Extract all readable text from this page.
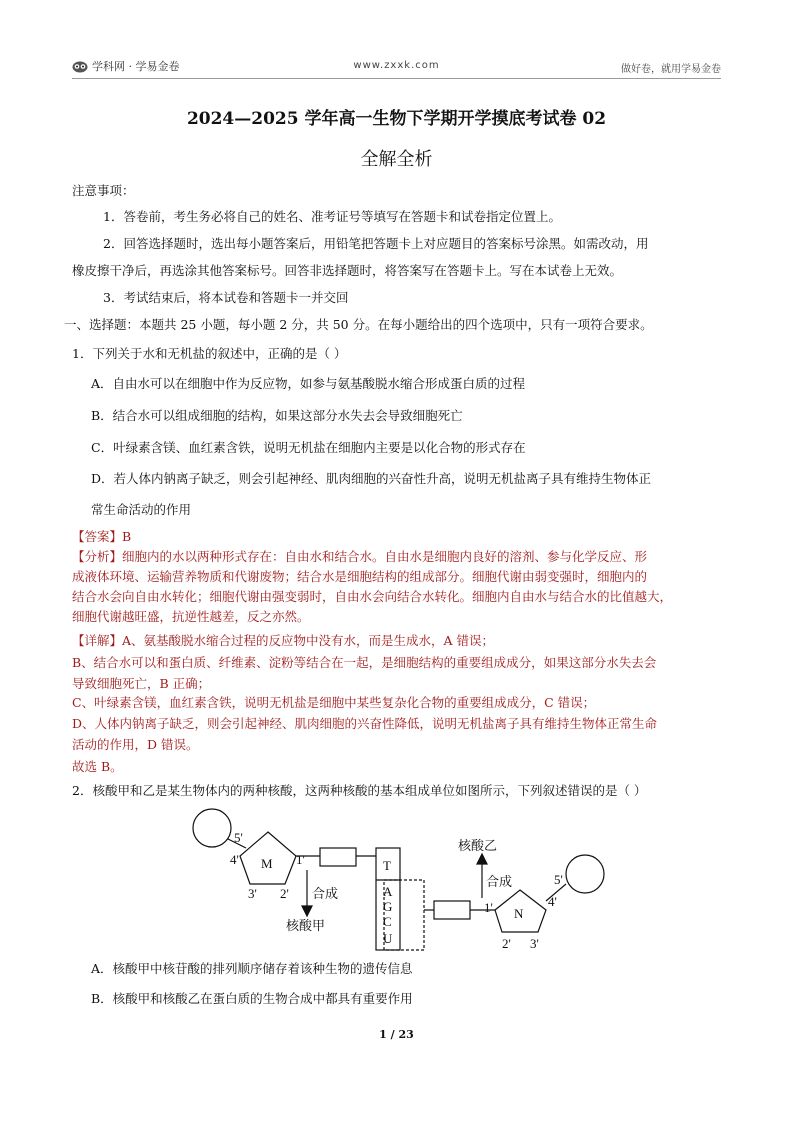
学科网 · 学易金卷	www.zxxk.com	做好卷，就用学易金卷
2024—2025 学年高一生物下学期开学摸底考试卷 02
全解全析
注意事项：
1．答卷前，考生务必将自己的姓名、准考证号等填写在答题卡和试卷指定位置上。
2．回答选择题时，选出每小题答案后，用铅笔把答题卡上对应题目的答案标号涂黑。如需改动，用
橡皮擦干净后，再选涂其他答案标号。回答非选择题时，将答案写在答题卡上。写在本试卷上无效。
3．考试结束后，将本试卷和答题卡一并交回
一、选择题：本题共 25 小题，每小题 2 分，共 50 分。在每小题给出的四个选项中，只有一项符合要求。
1．下列关于水和无机盐的叙述中，正确的是（ ）
A．自由水可以在细胞中作为反应物，如参与氨基酸脱水缩合形成蛋白质的过程
B．结合水可以组成细胞的结构，如果这部分水失去会导致细胞死亡
C．叶绿素含镁、血红素含铁，说明无机盐在细胞内主要是以化合物的形式存在
D．若人体内钠离子缺乏，则会引起神经、肌肉细胞的兴奋性升高，说明无机盐离子具有维持生物体正
常生命活动的作用
【答案】B
【分析】细胞内的水以两种形式存在：自由水和结合水。自由水是细胞内良好的溶剂、参与化学反应、形
成液体环境、运输营养物质和代谢废物；结合水是细胞结构的组成部分。细胞代谢由弱变强时，细胞内的
结合水会向自由水转化；细胞代谢由强变弱时，自由水会向结合水转化。细胞内自由水与结合水的比值越大，
细胞代谢越旺盛，抗逆性越差，反之亦然。
【详解】A、氨基酸脱水缩合过程的反应物中没有水，而是生成水，A 错误；
B、结合水可以和蛋白质、纤维素、淀粉等结合在一起，是细胞结构的重要组成成分，如果这部分水失去会
导致细胞死亡，B 正确；
C、叶绿素含镁，血红素含铁，说明无机盐是细胞中某些复杂化合物的重要组成成分，C 错误；
D、人体内钠离子缺乏，则会引起神经、肌肉细胞的兴奋性降低，说明无机盐离子具有维持生物体正常生命
活动的作用，D 错误。
故选 B。
2．核酸甲和乙是某生物体内的两种核酸，这两种核酸的基本组成单位如图所示，下列叙述错误的是（ ）
M
N
5'
4'	1'
3' 2'
5'
4'
1'
2' 3'
T
A
G
C
U
合成
核酸甲
合成
核酸乙
A．核酸甲中核苷酸的排列顺序储存着该种生物的遗传信息
B．核酸甲和核酸乙在蛋白质的生物合成中都具有重要作用
1 / 23
